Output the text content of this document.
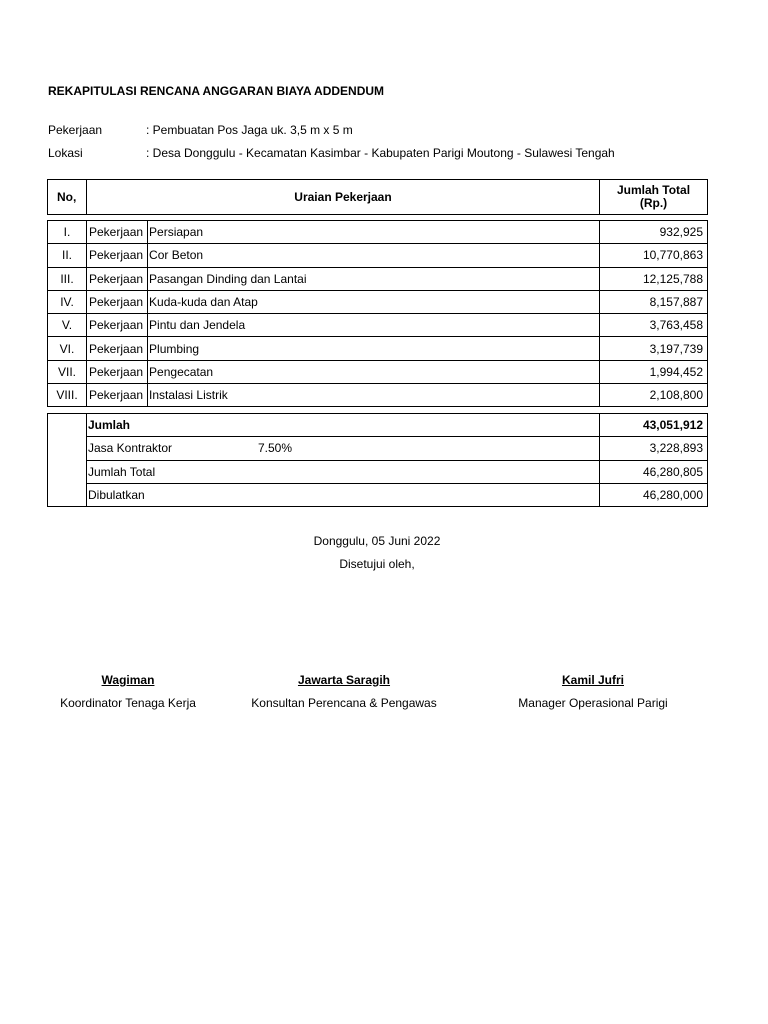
REKAPITULASI RENCANA ANGGARAN BIAYA ADDENDUM
Pekerjaan	: Pembuatan Pos Jaga uk. 3,5 m x 5 m
Lokasi	: Desa Donggulu - Kecamatan Kasimbar - Kabupaten Parigi Moutong - Sulawesi Tengah
No,	Uraian Pekerjaan	Jumlah Total
(Rp.)
I.	Pekerjaan	Persiapan	932,925
II.	Pekerjaan	Cor Beton	10,770,863
III.	Pekerjaan	Pasangan Dinding dan Lantai	12,125,788
IV.	Pekerjaan	Kuda-kuda dan Atap	8,157,887
V.	Pekerjaan	Pintu dan Jendela	3,763,458
VI.	Pekerjaan	Plumbing	3,197,739
VII.	Pekerjaan	Pengecatan	1,994,452
VIII.	Pekerjaan	Instalasi Listrik	2,108,800
	Jumlah	43,051,912
	Jasa Kontraktor 7.50%	3,228,893
	Jumlah Total	46,280,805
	Dibulatkan	46,280,000
Donggulu, 05 Juni 2022
Disetujui oleh,
Wagiman
Koordinator Tenaga Kerja
Jawarta Saragih
Konsultan Perencana & Pengawas
Kamil Jufri
Manager Operasional Parigi
